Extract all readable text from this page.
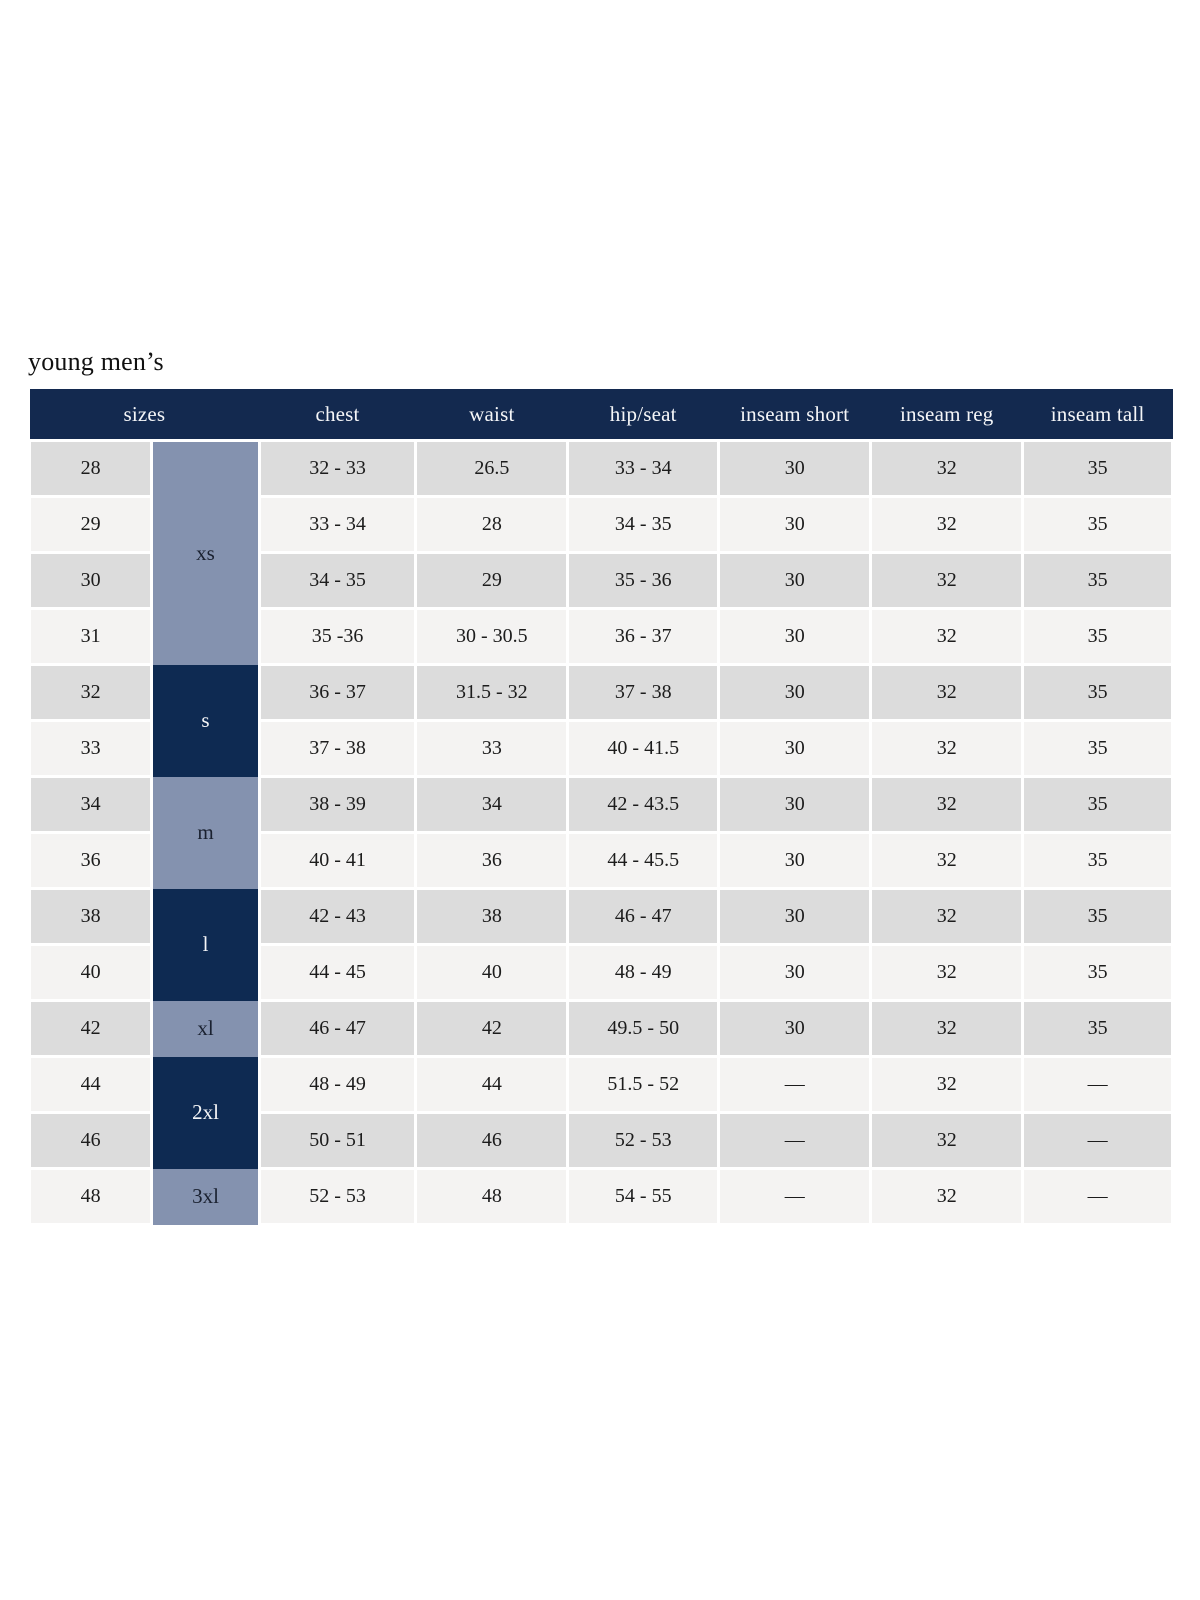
young men’s
sizes		chest	waist	hip/seat	inseam short	inseam reg	inseam tall
28	xs	32 - 33	26.5	33 - 34	30	32	35
29		33 - 34	28	34 - 35	30	32	35
30		34 - 35	29	35 - 36	30	32	35
31		35 -36	30 - 30.5	36 - 37	30	32	35
32	s	36 - 37	31.5 - 32	37 - 38	30	32	35
33		37 - 38	33	40 - 41.5	30	32	35
34	m	38 - 39	34	42 - 43.5	30	32	35
36		40 - 41	36	44 - 45.5	30	32	35
38	l	42 - 43	38	46 - 47	30	32	35
40		44 - 45	40	48 - 49	30	32	35
42	xl	46 - 47	42	49.5 - 50	30	32	35
44	2xl	48 - 49	44	51.5 - 52	—	32	—
46		50 - 51	46	52 - 53	—	32	—
48	3xl	52 - 53	48	54 - 55	—	32	—
